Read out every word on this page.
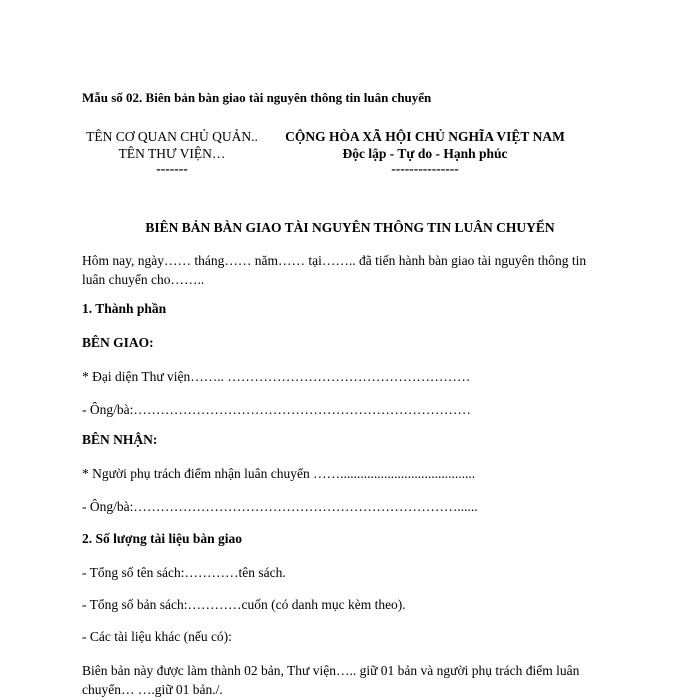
Mẫu số 02. Biên bản bàn giao tài nguyên thông tin luân chuyển
TÊN CƠ QUAN CHỦ QUẢN..
TÊN THƯ VIỆN…
-------
CỘNG HÒA XÃ HỘI CHỦ NGHĨA VIỆT NAM
Độc lập - Tự do - Hạnh phúc
---------------
BIÊN BẢN BÀN GIAO TÀI NGUYÊN THÔNG TIN LUÂN CHUYỂN
Hôm nay, ngày…… tháng…… năm…… tại…….. đã tiến hành bàn giao tài nguyên thông tin luân chuyển cho……..
1. Thành phần
BÊN GIAO:
* Đại diện Thư viện…….. ………………………………………………
- Ông/bà:…………………………………………………………………
BÊN NHẬN:
* Người phụ trách điểm nhận luân chuyển ……........................................
- Ông/bà:………………………………………………………………......
2. Số lượng tài liệu bàn giao
- Tổng số tên sách:…………tên sách.
- Tổng số bản sách:…………cuốn (có danh mục kèm theo).
- Các tài liệu khác (nếu có):
Biên bản này được làm thành 02 bản, Thư viện….. giữ 01 bản và người phụ trách điểm luân chuyển… ….giữ 01 bản./.
